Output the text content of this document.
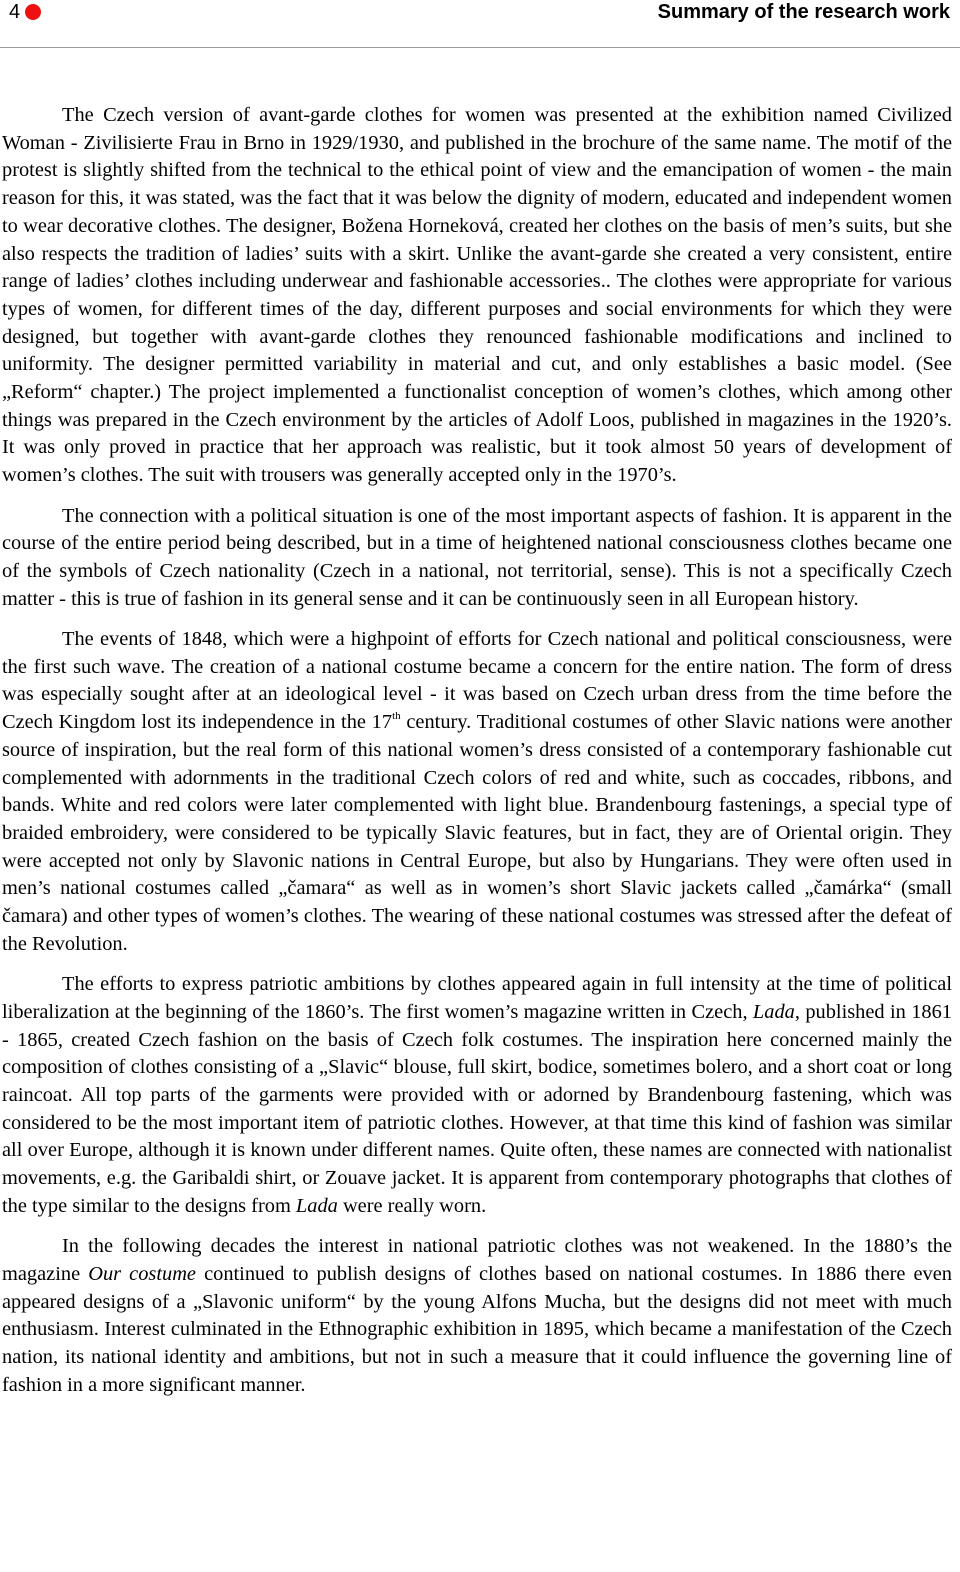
4	Summary of the research work

The Czech version of avant-garde clothes for women was presented at the exhibition named Civilized Woman - Zivilisierte Frau in Brno in 1929/1930, and published in the brochure of the same name. The motif of the protest is slightly shifted from the technical to the ethical point of view and the emancipation of women - the main reason for this, it was stated, was the fact that it was below the dignity of modern, educated and independent women to wear decorative clothes. The designer, Božena Horneková, created her clothes on the basis of men’s suits, but she also respects the tradition of ladies’ suits with a skirt. Unlike the avant-garde she created a very consistent, entire range of ladies’ clothes including underwear and fashionable accessories.. The clothes were appropriate for various types of women, for different times of the day, different purposes and social environments for which they were designed, but together with avant-garde clothes they renounced fashionable modifications and inclined to uniformity. The designer permitted variability in material and cut, and only establishes a basic model. (See „Reform“ chapter.) The project implemented a functionalist conception of women’s clothes, which among other things was prepared in the Czech environment by the articles of Adolf Loos, published in magazines in the 1920’s. It was only proved in practice that her approach was realistic, but it took almost 50 years of development of women’s clothes. The suit with trousers was generally accepted only in the 1970’s.

The connection with a political situation is one of the most important aspects of fashion. It is apparent in the course of the entire period being described, but in a time of heightened national consciousness clothes became one of the symbols of Czech nationality (Czech in a national, not territorial, sense). This is not a specifically Czech matter - this is true of fashion in its general sense and it can be continuously seen in all European history.

The events of 1848, which were a highpoint of efforts for Czech national and political consciousness, were the first such wave. The creation of a national costume became a concern for the entire nation. The form of dress was especially sought after at an ideological level - it was based on Czech urban dress from the time before the Czech Kingdom lost its independence in the 17th century. Traditional costumes of other Slavic nations were another source of inspiration, but the real form of this national women’s dress consisted of a contemporary fashionable cut complemented with adornments in the traditional Czech colors of red and white, such as coccades, ribbons, and bands. White and red colors were later complemented with light blue. Brandenbourg fastenings, a special type of braided embroidery, were considered to be typically Slavic features, but in fact, they are of Oriental origin. They were accepted not only by Slavonic nations in Central Europe, but also by Hungarians. They were often used in men’s national costumes called „čamara“ as well as in women’s short Slavic jackets called „čamárka“ (small čamara) and other types of women’s clothes. The wearing of these national costumes was stressed after the defeat of the Revolution.

The efforts to express patriotic ambitions by clothes appeared again in full intensity at the time of political liberalization at the beginning of the 1860’s. The first women’s magazine written in Czech, Lada, published in 1861 - 1865, created Czech fashion on the basis of Czech folk costumes. The inspiration here concerned mainly the composition of clothes consisting of a „Slavic“ blouse, full skirt, bodice, sometimes bolero, and a short coat or long raincoat. All top parts of the garments were provided with or adorned by Brandenbourg fastening, which was considered to be the most important item of patriotic clothes. However, at that time this kind of fashion was similar all over Europe, although it is known under different names. Quite often, these names are connected with nationalist movements, e.g. the Garibaldi shirt, or Zouave jacket. It is apparent from contemporary photographs that clothes of the type similar to the designs from Lada were really worn.

In the following decades the interest in national patriotic clothes was not weakened. In the 1880’s the magazine Our costume continued to publish designs of clothes based on national costumes. In 1886 there even appeared designs of a „Slavonic uniform“ by the young Alfons Mucha, but the designs did not meet with much enthusiasm. Interest culminated in the Ethnographic exhibition in 1895, which became a manifestation of the Czech nation, its national identity and ambitions, but not in such a measure that it could influence the governing line of fashion in a more significant manner.
